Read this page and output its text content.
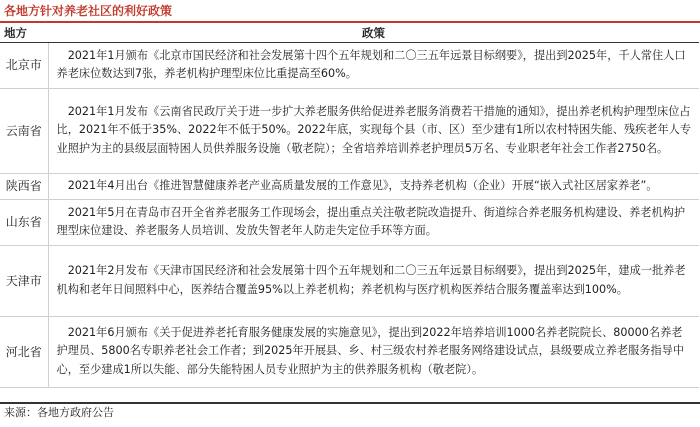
各地方针对养老社区的利好政策
地方	政策
北京市	2021年1月颁布《北京市国民经济和社会发展第十四个五年规划和二〇三五年远景目标纲要》，提出到2025年，千人常住人口养老床位数达到7张，养老机构护理型床位比重提高至60%。
云南省	2021年1月发布《云南省民政厅关于进一步扩大养老服务供给促进养老服务消费若干措施的通知》，提出养老机构护理型床位占比，2021年不低于35%、2022年不低于50%。2022年底，实现每个县（市、区）至少建有1所以农村特困失能、残疾老年人专业照护为主的县级层面特困人员供养服务设施（敬老院）；全省培养培训养老护理员5万名、专业职老年社会工作者2750名。
陕西省	2021年4月出台《推进智慧健康养老产业高质量发展的工作意见》，支持养老机构（企业）开展“嵌入式社区居家养老”。
山东省	2021年5月在青岛市召开全省养老服务工作现场会，提出重点关注敬老院改造提升、街道综合养老服务机构建设、养老机构护理型床位建设、养老服务人员培训、发放失智老年人防走失定位手环等方面。
天津市	2021年2月发布《天津市国民经济和社会发展第十四个五年规划和二〇三五年远景目标纲要》，提出到2025年，建成一批养老机构和老年日间照料中心，医养结合覆盖95%以上养老机构；养老机构与医疗机构医养结合服务覆盖率达到100%。
河北省	2021年6月颁布《关于促进养老托育服务健康发展的实施意见》，提出到2022年培养培训1000名养老院院长、80000名养老护理员、5800名专职养老社会工作者；到2025年开展县、乡、村三级农村养老服务网络建设试点，县级要成立养老服务指导中心，至少建成1所以失能、部分失能特困人员专业照护为主的供养服务机构（敬老院）。
来源：各地方政府公告
